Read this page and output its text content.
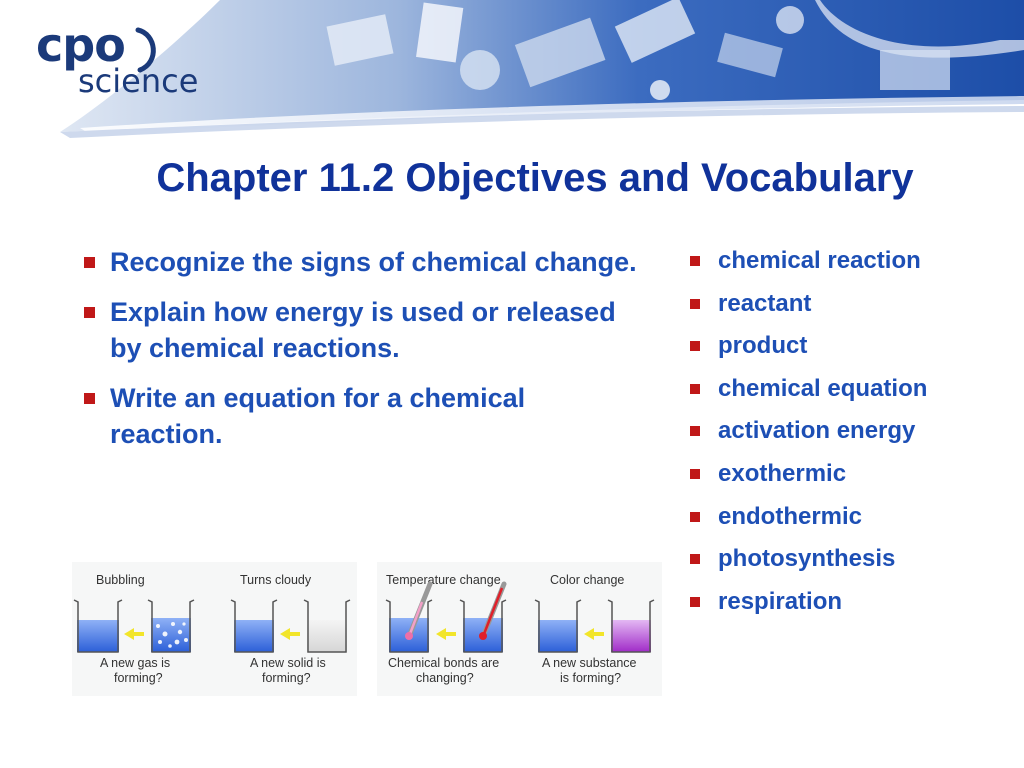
cpo
science
Chapter 11.2 Objectives and Vocabulary
Recognize the signs of chemical change.
Explain how energy is used or released by chemical reactions.
Write an equation for a chemical reaction.
chemical reaction
reactant
product
chemical equation
activation energy
exothermic
endothermic
photosynthesis
respiration
Bubbling
A new gas is
forming?
Turns cloudy
A new solid is
forming?
Temperature change
Chemical bonds are
changing?
Color change
A new substance
is forming?
